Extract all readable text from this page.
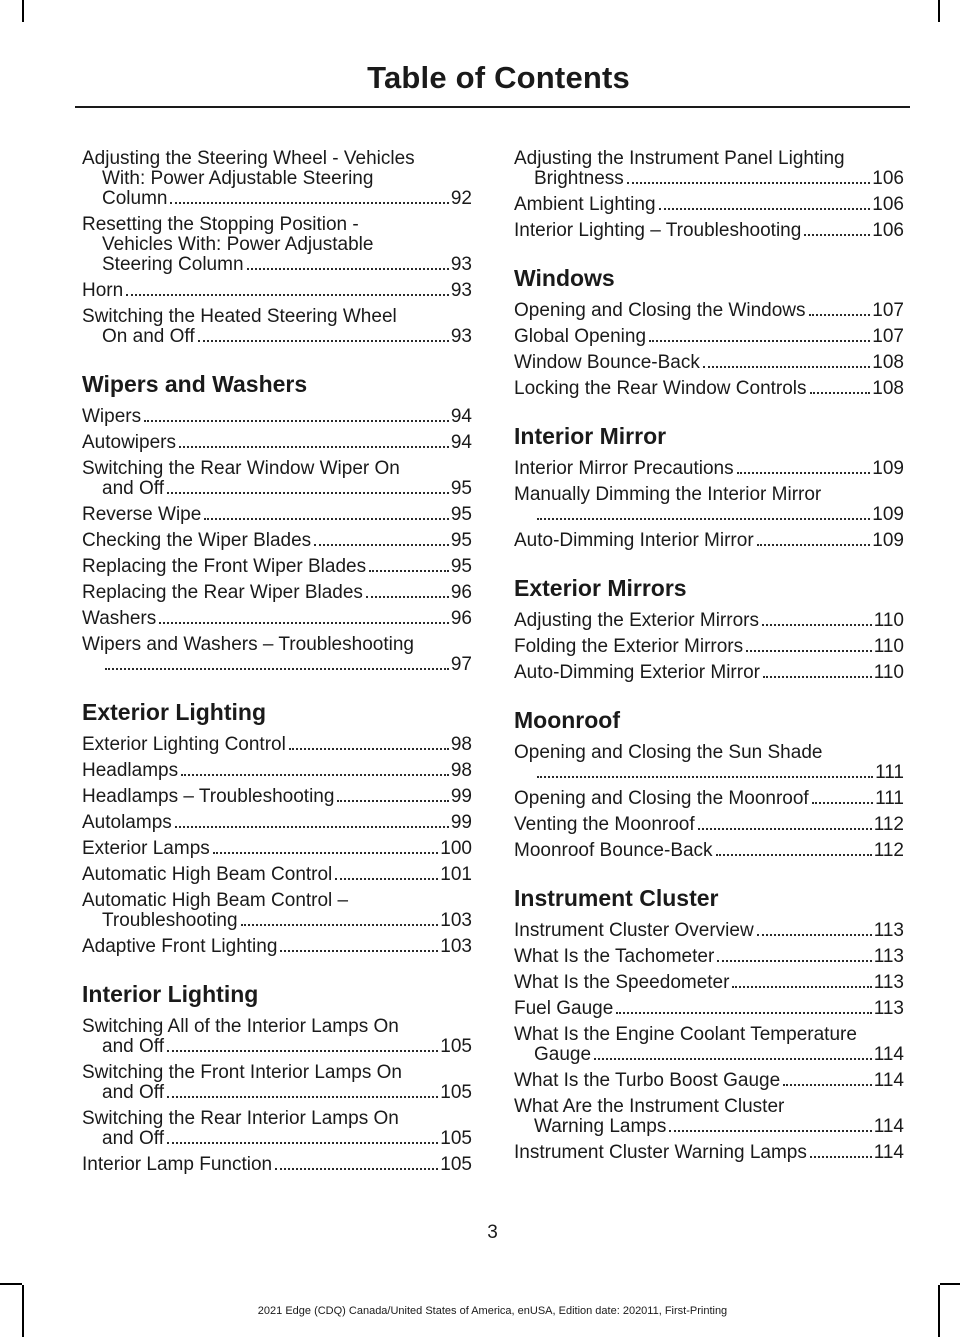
Table of Contents
Adjusting the Steering Wheel - Vehicles
With: Power Adjustable Steering
Column	92
Resetting the Stopping Position -
Vehicles With: Power Adjustable
Steering Column	93
Horn	93
Switching the Heated Steering Wheel
On and Off	93
Wipers and Washers
Wipers	94
Autowipers	94
Switching the Rear Window Wiper On
and Off	95
Reverse Wipe	95
Checking the Wiper Blades	95
Replacing the Front Wiper Blades	95
Replacing the Rear Wiper Blades	96
Washers	96
Wipers and Washers – Troubleshooting
97
Exterior Lighting
Exterior Lighting Control	98
Headlamps	98
Headlamps – Troubleshooting	99
Autolamps	99
Exterior Lamps	100
Automatic High Beam Control	101
Automatic High Beam Control –
Troubleshooting	103
Adaptive Front Lighting	103
Interior Lighting
Switching All of the Interior Lamps On
and Off	105
Switching the Front Interior Lamps On
and Off	105
Switching the Rear Interior Lamps On
and Off	105
Interior Lamp Function	105
Adjusting the Instrument Panel Lighting
Brightness	106
Ambient Lighting	106
Interior Lighting – Troubleshooting	106
Windows
Opening and Closing the Windows	107
Global Opening	107
Window Bounce-Back	108
Locking the Rear Window Controls	108
Interior Mirror
Interior Mirror Precautions	109
Manually Dimming the Interior Mirror
109
Auto-Dimming Interior Mirror	109
Exterior Mirrors
Adjusting the Exterior Mirrors	110
Folding the Exterior Mirrors	110
Auto-Dimming Exterior Mirror	110
Moonroof
Opening and Closing the Sun Shade
111
Opening and Closing the Moonroof	111
Venting the Moonroof	112
Moonroof Bounce-Back	112
Instrument Cluster
Instrument Cluster Overview	113
What Is the Tachometer	113
What Is the Speedometer	113
Fuel Gauge	113
What Is the Engine Coolant Temperature
Gauge	114
What Is the Turbo Boost Gauge	114
What Are the Instrument Cluster
Warning Lamps	114
Instrument Cluster Warning Lamps	114
3
2021 Edge (CDQ) Canada/United States of America, enUSA, Edition date: 202011, First-Printing
